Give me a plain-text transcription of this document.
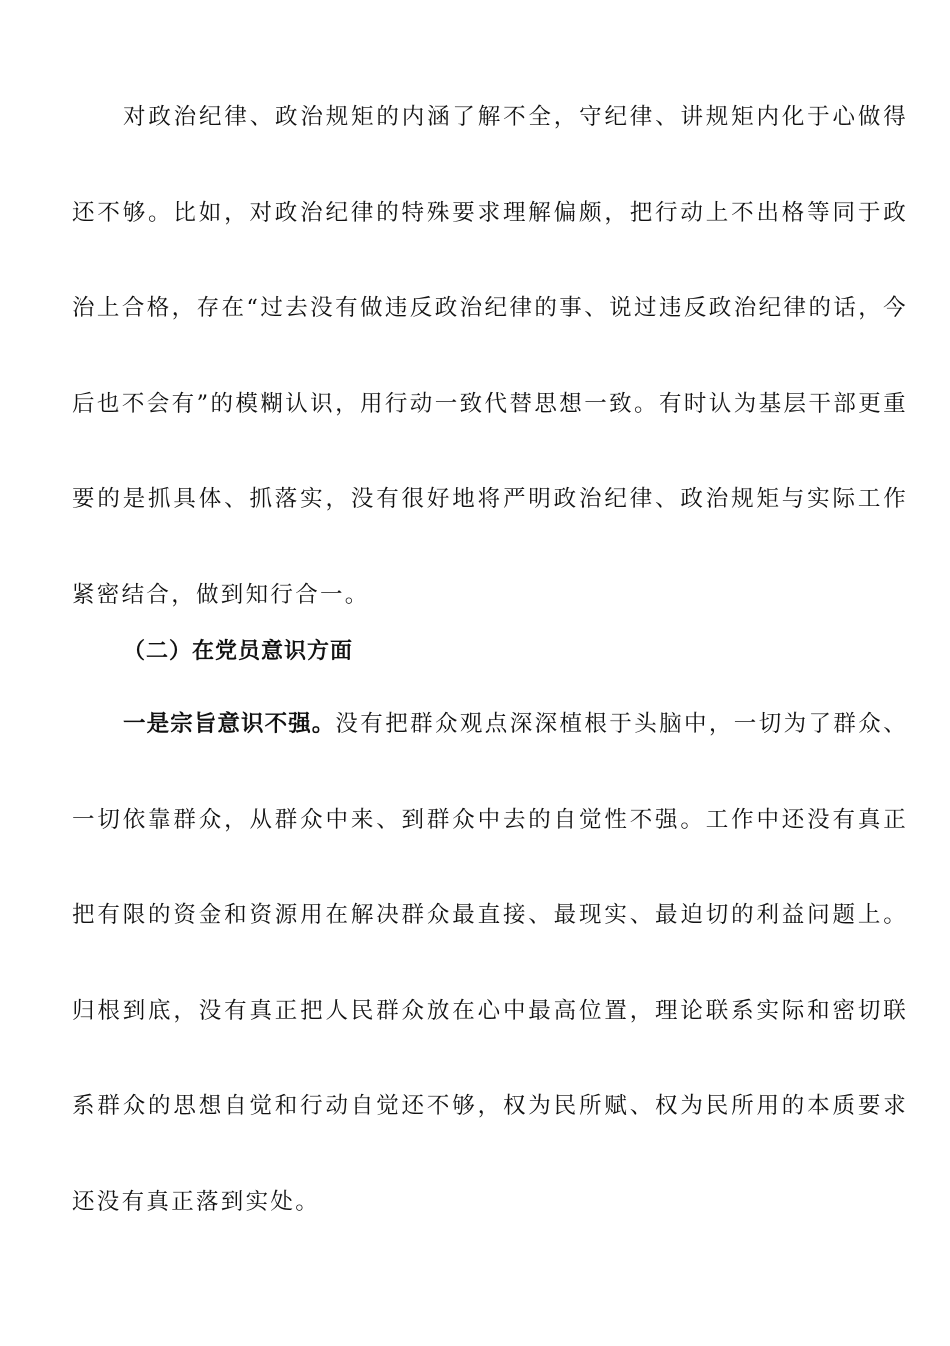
对政治纪律、政治规矩的内涵了解不全，守纪律、讲规矩内化于心做得还不够。比如，对政治纪律的特殊要求理解偏颇，把行动上不出格等同于政治上合格，存在“过去没有做违反政治纪律的事、说过违反政治纪律的话，今后也不会有”的模糊认识，用行动一致代替思想一致。有时认为基层干部更重要的是抓具体、抓落实，没有很好地将严明政治纪律、政治规矩与实际工作紧密结合，做到知行合一。

（二）在党员意识方面

一是宗旨意识不强。没有把群众观点深深植根于头脑中，一切为了群众、一切依靠群众，从群众中来、到群众中去的自觉性不强。工作中还没有真正把有限的资金和资源用在解决群众最直接、最现实、最迫切的利益问题上。归根到底，没有真正把人民群众放在心中最高位置，理论联系实际和密切联系群众的思想自觉和行动自觉还不够，权为民所赋、权为民所用的本质要求还没有真正落到实处。
